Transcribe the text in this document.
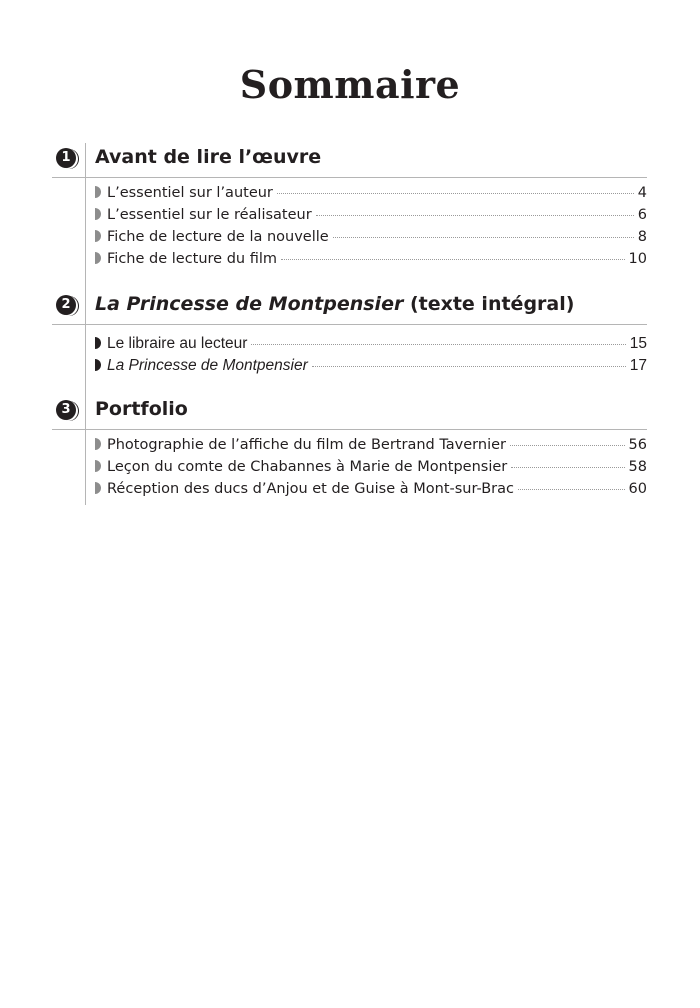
Sommaire
1 Avant de lire l’œuvre
L’essentiel sur l’auteur	4
L’essentiel sur le réalisateur	6
Fiche de lecture de la nouvelle	8
Fiche de lecture du film	10
2 La Princesse de Montpensier (texte intégral)
Le libraire au lecteur	15
La Princesse de Montpensier	17
3 Portfolio
Photographie de l’affiche du film de Bertrand Tavernier	56
Leçon du comte de Chabannes à Marie de Montpensier	58
Réception des ducs d’Anjou et de Guise à Mont-sur-Brac	60
